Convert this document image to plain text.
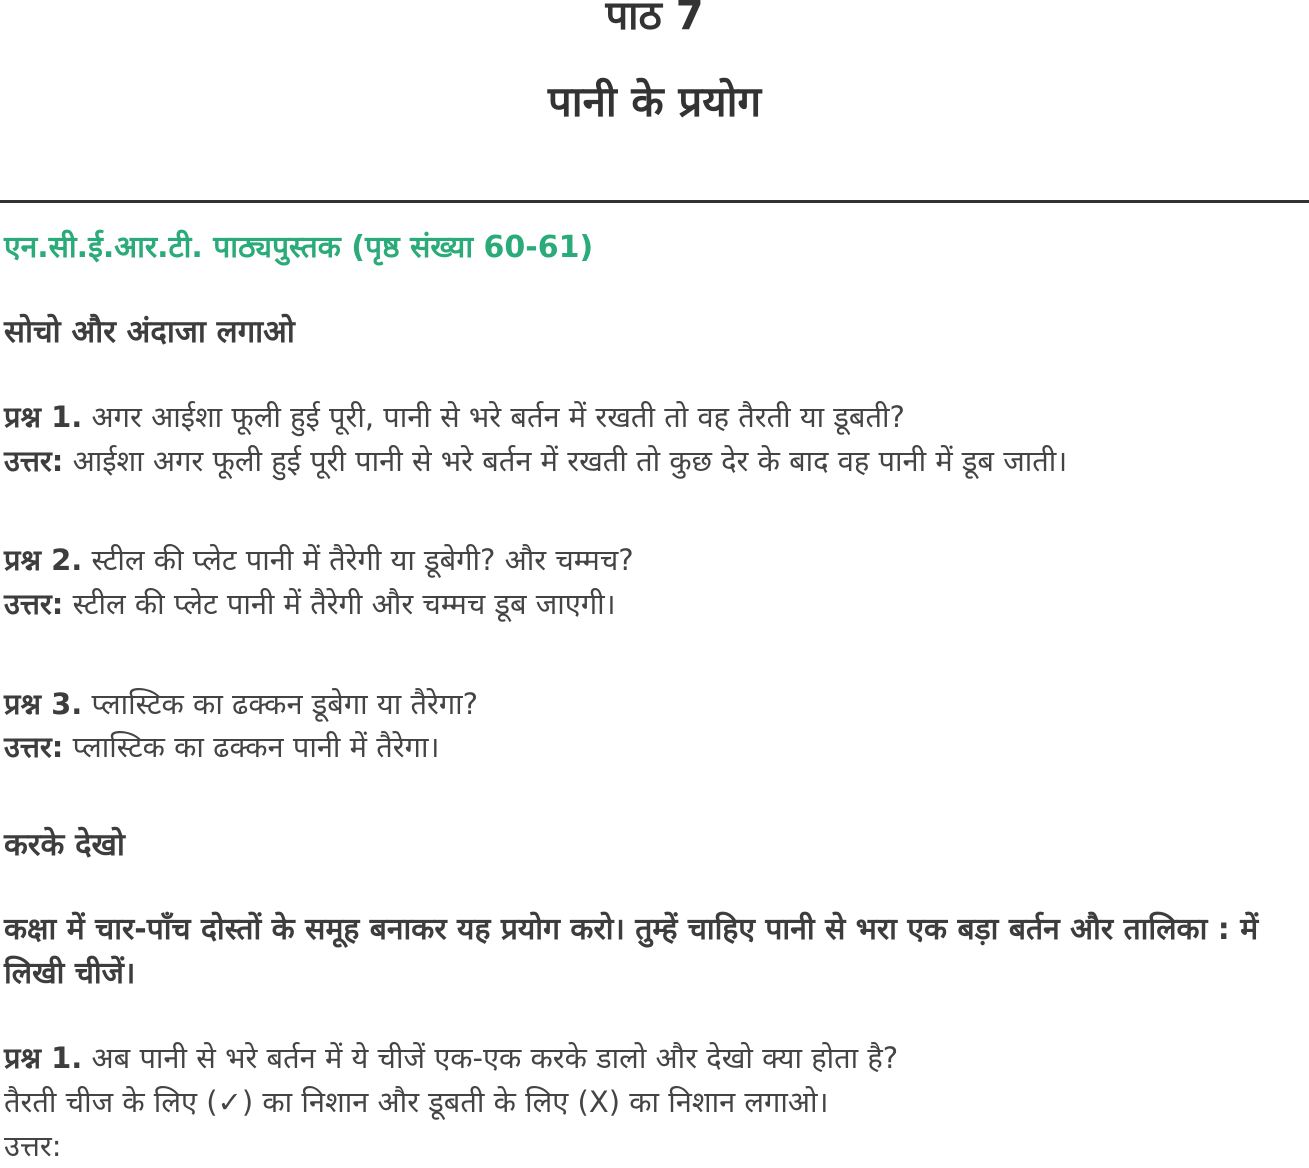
पाठ 7
पानी के प्रयोग
एन.सी.ई.आर.टी. पाठ्यपुस्तक (पृष्ठ संख्या 60-61)
सोचो और अंदाजा लगाओ
प्रश्न 1. अगर आईशा फूली हुई पूरी, पानी से भरे बर्तन में रखती तो वह तैरती या डूबती?
उत्तर: आईशा अगर फूली हुई पूरी पानी से भरे बर्तन में रखती तो कुछ देर के बाद वह पानी में डूब जाती।
प्रश्न 2. स्टील की प्लेट पानी में तैरेगी या डूबेगी? और चम्मच?
उत्तर: स्टील की प्लेट पानी में तैरेगी और चम्मच डूब जाएगी।
प्रश्न 3. प्लास्टिक का ढक्कन डूबेगा या तैरेगा?
उत्तर: प्लास्टिक का ढक्कन पानी में तैरेगा।
करके देखो
कक्षा में चार-पाँच दोस्तों के समूह बनाकर यह प्रयोग करो। तुम्हें चाहिए पानी से भरा एक बड़ा बर्तन और तालिका : में लिखी चीजें।
प्रश्न 1. अब पानी से भरे बर्तन में ये चीजें एक-एक करके डालो और देखो क्या होता है?
तैरती चीज के लिए (✓) का निशान और डूबती के लिए (X) का निशान लगाओ।
उत्तर:
